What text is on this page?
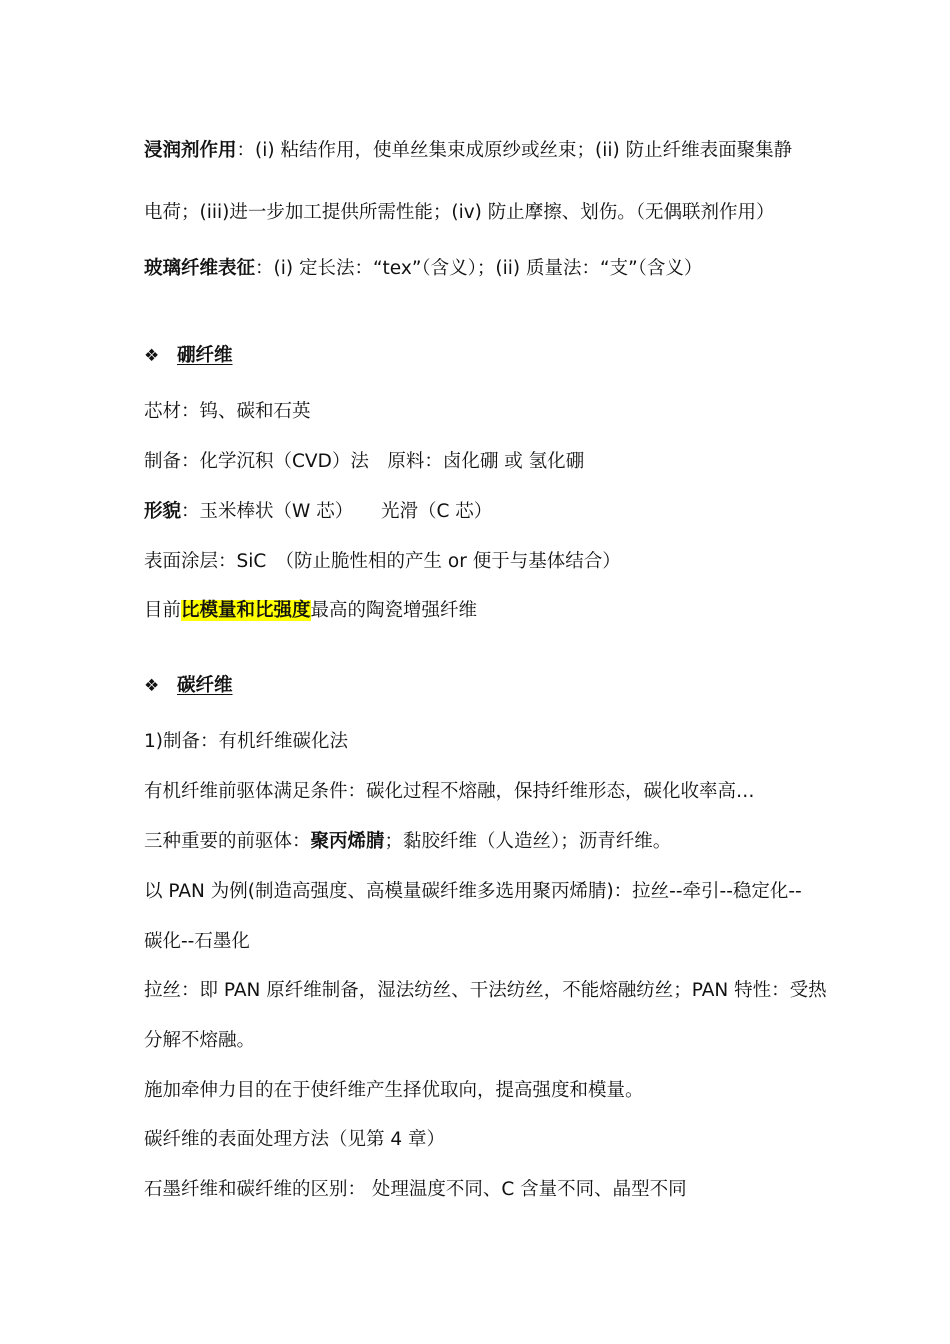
浸润剂作用：(i) 粘结作用，使单丝集束成原纱或丝束；(ii) 防止纤维表面聚集静
电荷；(iii)进一步加工提供所需性能；(iv) 防止摩擦、划伤。（无偶联剂作用）
玻璃纤维表征：(i) 定长法：“tex”（含义）；(ii) 质量法：“支”（含义）
❖ 硼纤维
芯材：钨、碳和石英
制备：化学沉积（CVD）法　原料：卤化硼 或 氢化硼
形貌：玉米棒状（W 芯）　　光滑（C 芯）
表面涂层：SiC　（防止脆性相的产生 or 便于与基体结合）
目前比模量和比强度最高的陶瓷增强纤维
❖ 碳纤维
1)制备：有机纤维碳化法
有机纤维前驱体满足条件：碳化过程不熔融，保持纤维形态，碳化收率高…
三种重要的前驱体：聚丙烯腈；黏胶纤维（人造丝）；沥青纤维。
以 PAN 为例(制造高强度、高模量碳纤维多选用聚丙烯腈)：拉丝--牵引--稳定化--
碳化--石墨化
拉丝：即 PAN 原纤维制备，湿法纺丝、干法纺丝，不能熔融纺丝；PAN 特性：受热
分解不熔融。
施加牵伸力目的在于使纤维产生择优取向，提高强度和模量。
碳纤维的表面处理方法（见第 4 章）
石墨纤维和碳纤维的区别： 处理温度不同、C 含量不同、晶型不同
